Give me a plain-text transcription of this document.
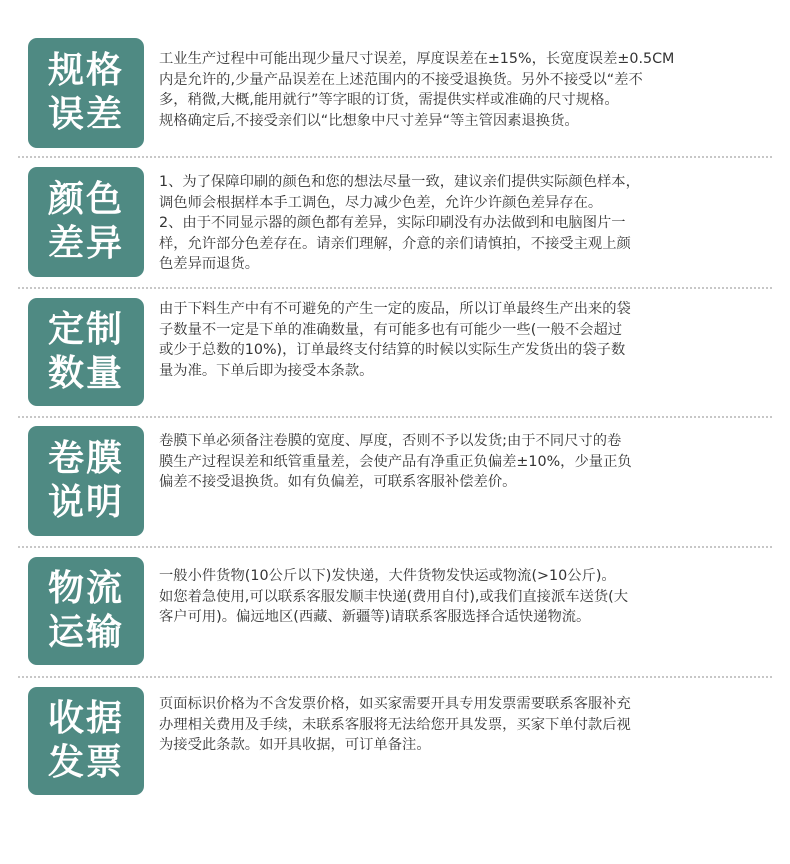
规格
误差

工业生产过程中可能出现少量尺寸误差，厚度误差在±15%，长宽度误差±0.5CM

内是允许的,少量产品误差在上述范围内的不接受退换货。另外不接受以“差不

多，稍微,大概,能用就行”等字眼的订货，需提供实样或准确的尺寸规格。

规格确定后,不接受亲们以“比想象中尺寸差异“等主管因素退换货。

颜色
差异

1、为了保障印刷的颜色和您的想法尽量一致，建议亲们提供实际颜色样本，

调色师会根据样本手工调色，尽力减少色差，允许少许颜色差异存在。

2、由于不同显示器的颜色都有差异，实际印刷没有办法做到和电脑图片一

样，允许部分色差存在。请亲们理解，介意的亲们请慎拍，不接受主观上颜

色差异而退货。

定制
数量

由于下料生产中有不可避免的产生一定的废品，所以订单最终生产出来的袋

子数量不一定是下单的准确数量，有可能多也有可能少一些(一般不会超过

或少于总数的10%)，订单最终支付结算的时候以实际生产发货出的袋子数

量为准。下单后即为接受本条款。

卷膜
说明

卷膜下单必须备注卷膜的宽度、厚度，否则不予以发货;由于不同尺寸的卷

膜生产过程误差和纸管重量差，会使产品有净重正负偏差±10%，少量正负

偏差不接受退换货。如有负偏差，可联系客服补偿差价。

物流
运输

一般小件货物(10公斤以下)发快递，大件货物发快运或物流(>10公斤)。

如您着急使用,可以联系客服发顺丰快递(费用自付),或我们直接派车送货(大

客户可用)。偏远地区(西藏、新疆等)请联系客服选择合适快递物流。

收据
发票

页面标识价格为不含发票价格，如买家需要开具专用发票需要联系客服补充

办理相关费用及手续，未联系客服将无法给您开具发票，买家下单付款后视

为接受此条款。如开具收据，可订单备注。
